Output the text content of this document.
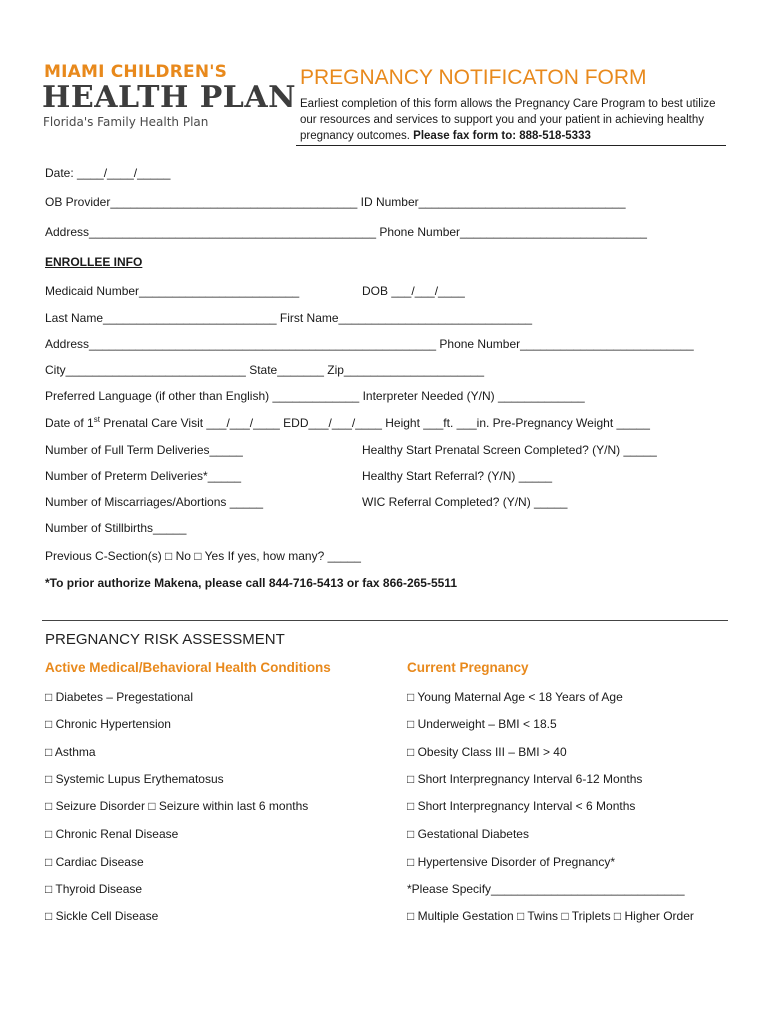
MIAMI CHILDREN'S
HEALTH PLAN
Florida's Family Health Plan
PREGNANCY NOTIFICATON FORM
Earliest completion of this form allows the Pregnancy Care Program to best utilize our resources and services to support you and your patient in achieving healthy pregnancy outcomes. Please fax form to: 888-518-5333
Date: ____/____/_____
OB Provider_____________________________________ ID Number_______________________________
Address___________________________________________ Phone Number____________________________
ENROLLEE INFO
Medicaid Number________________________	DOB ___/___/____
Last Name__________________________ First Name_____________________________
Address____________________________________________________ Phone Number__________________________
City___________________________ State_______ Zip_____________________
Preferred Language (if other than English) _____________ Interpreter Needed (Y/N) _____________
Date of 1st Prenatal Care Visit ___/___/____ EDD___/___/____ Height ___ft. ___in. Pre-Pregnancy Weight _____
Number of Full Term Deliveries_____	Healthy Start Prenatal Screen Completed? (Y/N) _____
Number of Preterm Deliveries*_____	Healthy Start Referral? (Y/N) _____
Number of Miscarriages/Abortions _____	WIC Referral Completed? (Y/N) _____
Number of Stillbirths_____
Previous C-Section(s) □ No □ Yes If yes, how many? _____
*To prior authorize Makena, please call 844-716-5413 or fax 866-265-5511
PREGNANCY RISK ASSESSMENT
Active Medical/Behavioral Health Conditions	Current Pregnancy
□ Diabetes – Pregestational
□ Chronic Hypertension
□ Asthma
□ Systemic Lupus Erythematosus
□ Seizure Disorder □ Seizure within last 6 months
□ Chronic Renal Disease
□ Cardiac Disease
□ Thyroid Disease
□ Sickle Cell Disease
□ Young Maternal Age < 18 Years of Age
□ Underweight – BMI < 18.5
□ Obesity Class III – BMI > 40
□ Short Interpregnancy Interval 6-12 Months
□ Short Interpregnancy Interval < 6 Months
□ Gestational Diabetes
□ Hypertensive Disorder of Pregnancy*
*Please Specify_____________________________
□ Multiple Gestation □ Twins □ Triplets □ Higher Order
